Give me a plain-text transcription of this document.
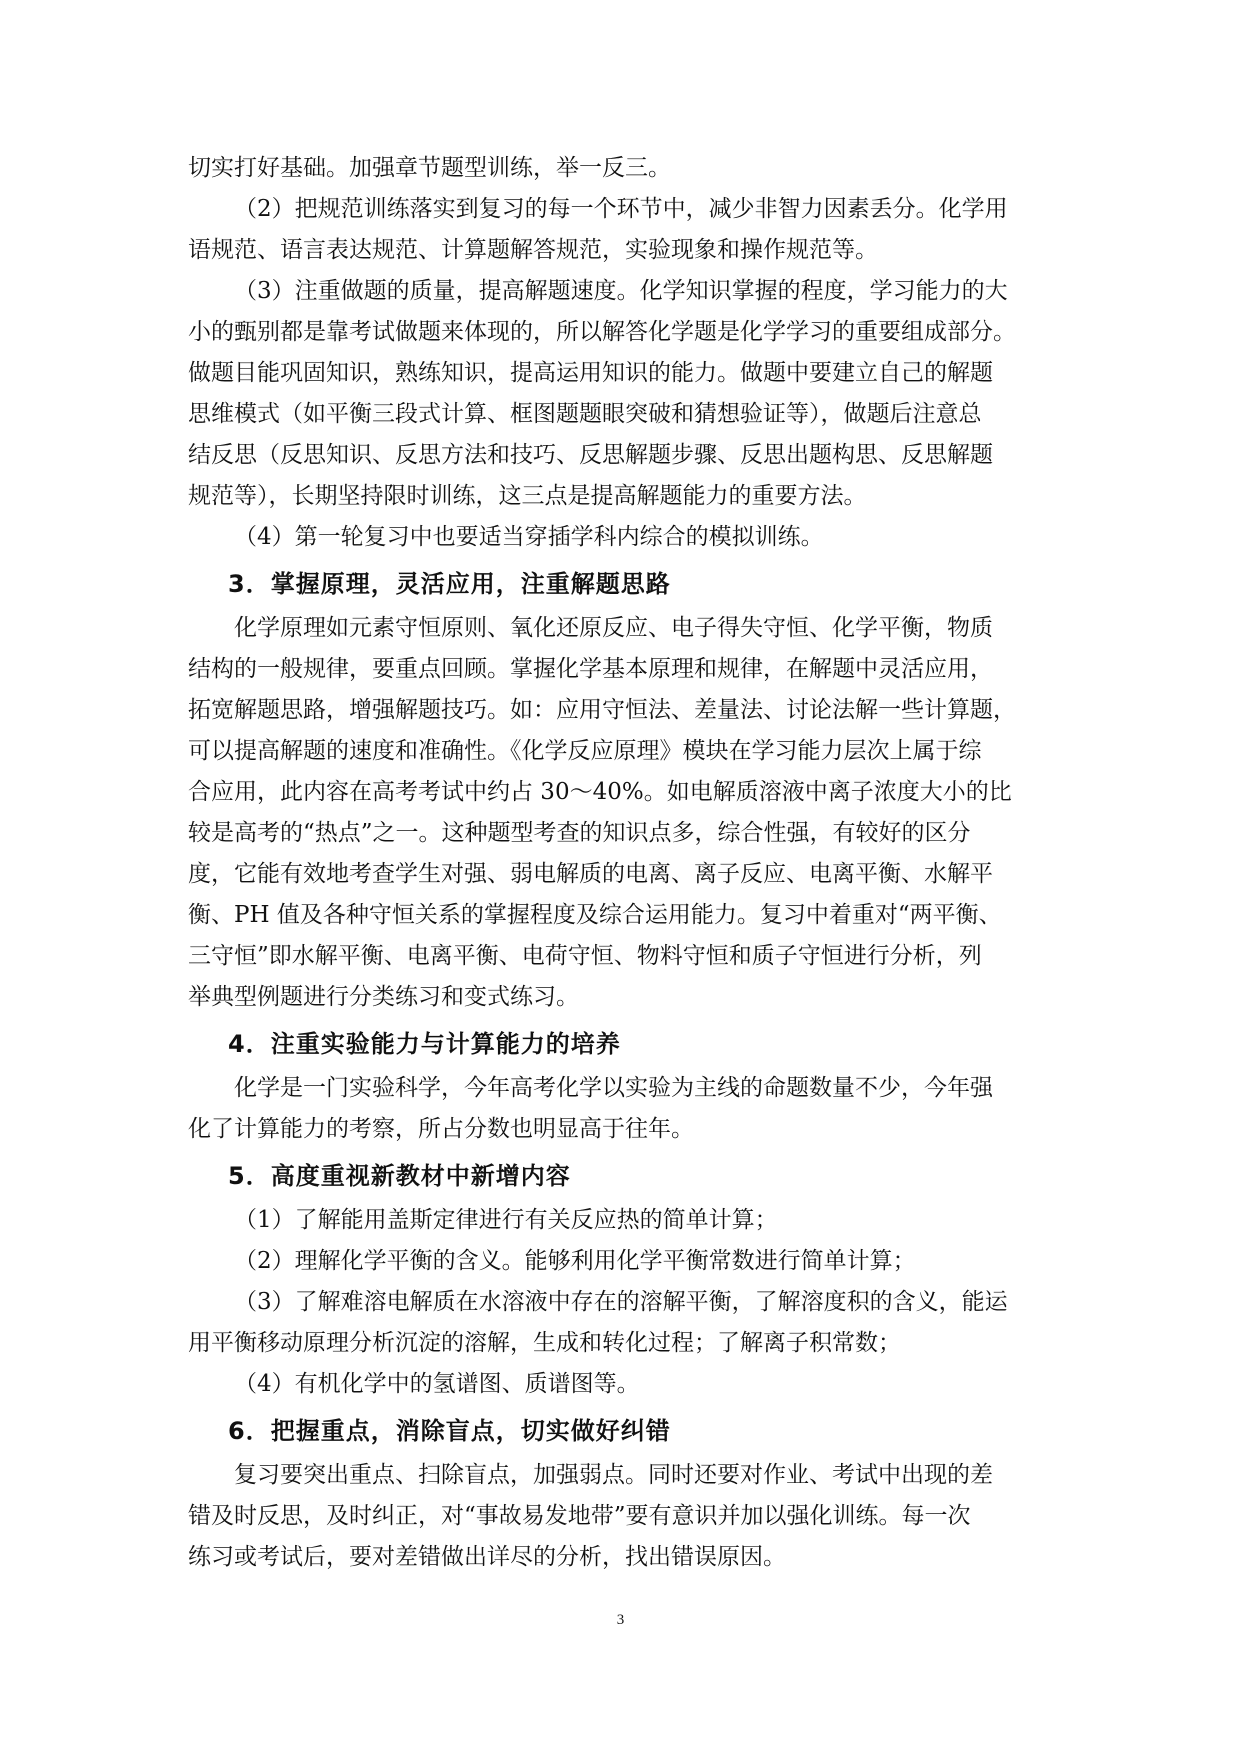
切实打好基础。加强章节题型训练，举一反三。
（2）把规范训练落实到复习的每一个环节中，减少非智力因素丢分。化学用
语规范、语言表达规范、计算题解答规范，实验现象和操作规范等。
（3）注重做题的质量，提高解题速度。化学知识掌握的程度，学习能力的大
小的甄别都是靠考试做题来体现的，所以解答化学题是化学学习的重要组成部分。
做题目能巩固知识，熟练知识，提高运用知识的能力。做题中要建立自己的解题
思维模式（如平衡三段式计算、框图题题眼突破和猜想验证等），做题后注意总
结反思（反思知识、反思方法和技巧、反思解题步骤、反思出题构思、反思解题
规范等），长期坚持限时训练，这三点是提高解题能力的重要方法。
（4）第一轮复习中也要适当穿插学科内综合的模拟训练。
3．掌握原理，灵活应用，注重解题思路
化学原理如元素守恒原则、氧化还原反应、电子得失守恒、化学平衡，物质
结构的一般规律，要重点回顾。掌握化学基本原理和规律，在解题中灵活应用，
拓宽解题思路，增强解题技巧。如：应用守恒法、差量法、讨论法解一些计算题，
可以提高解题的速度和准确性。《化学反应原理》模块在学习能力层次上属于综
合应用，此内容在高考考试中约占 30～40%。如电解质溶液中离子浓度大小的比
较是高考的“热点”之一。这种题型考查的知识点多，综合性强，有较好的区分
度，它能有效地考查学生对强、弱电解质的电离、离子反应、电离平衡、水解平
衡、PH 值及各种守恒关系的掌握程度及综合运用能力。复习中着重对“两平衡、
三守恒”即水解平衡、电离平衡、电荷守恒、物料守恒和质子守恒进行分析，列
举典型例题进行分类练习和变式练习。
4．注重实验能力与计算能力的培养
化学是一门实验科学，今年高考化学以实验为主线的命题数量不少，今年强
化了计算能力的考察，所占分数也明显高于往年。
5．高度重视新教材中新增内容
（1）了解能用盖斯定律进行有关反应热的简单计算；
（2）理解化学平衡的含义。能够利用化学平衡常数进行简单计算；
（3）了解难溶电解质在水溶液中存在的溶解平衡，了解溶度积的含义，能运
用平衡移动原理分析沉淀的溶解，生成和转化过程；了解离子积常数；
（4）有机化学中的氢谱图、质谱图等。
6．把握重点，消除盲点，切实做好纠错
复习要突出重点、扫除盲点，加强弱点。同时还要对作业、考试中出现的差
错及时反思，及时纠正，对“事故易发地带”要有意识并加以强化训练。每一次
练习或考试后，要对差错做出详尽的分析，找出错误原因。
3
